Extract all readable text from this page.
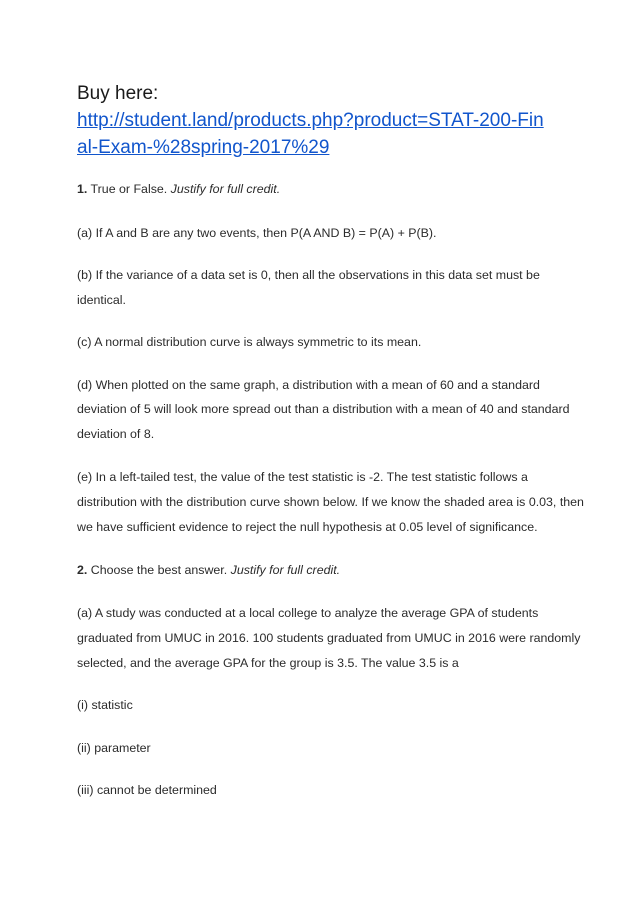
Buy here:
http://student.land/products.php?product=STAT-200-Fin
al-Exam-%28spring-2017%29
1. True or False. Justify for full credit.
(a) If A and B are any two events, then P(A AND B) = P(A) + P(B).
(b) If the variance of a data set is 0, then all the observations in this data set must be
identical.
(c) A normal distribution curve is always symmetric to its mean.
(d) When plotted on the same graph, a distribution with a mean of 60 and a standard
deviation of 5 will look more spread out than a distribution with a mean of 40 and standard
deviation of 8.
(e) In a left-tailed test, the value of the test statistic is -2. The test statistic follows a
distribution with the distribution curve shown below. If we know the shaded area is 0.03, then
we have sufficient evidence to reject the null hypothesis at 0.05 level of significance.
2. Choose the best answer. Justify for full credit.
(a) A study was conducted at a local college to analyze the average GPA of students
graduated from UMUC in 2016. 100 students graduated from UMUC in 2016 were randomly
selected, and the average GPA for the group is 3.5. The value 3.5 is a
(i) statistic
(ii) parameter
(iii) cannot be determined
